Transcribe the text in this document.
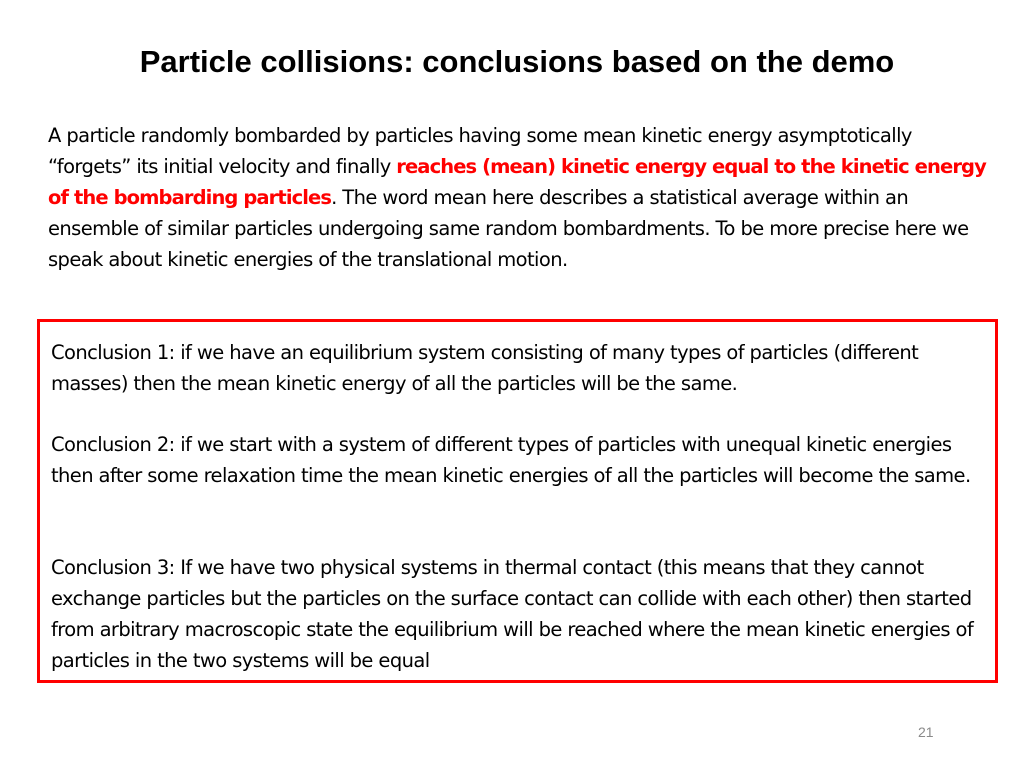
Particle collisions: conclusions based on the demo

A particle randomly bombarded by particles having some mean kinetic energy asymptotically “forgets” its initial velocity and finally reaches (mean) kinetic energy equal to the kinetic energy of the bombarding particles. The word mean here describes a statistical average within an ensemble of similar particles undergoing same random bombardments. To be more precise here we speak about kinetic energies of the translational motion.

Conclusion 1: if we have an equilibrium system consisting of many types of particles (different masses) then the mean kinetic energy of all the particles will be the same.

Conclusion 2: if we start with a system of different types of particles with unequal kinetic energies then after some relaxation time the mean kinetic energies of all the particles will become the same.

Conclusion 3: If we have two physical systems in thermal contact (this means that they cannot exchange particles but the particles on the surface contact can collide with each other) then started from arbitrary macroscopic state the equilibrium will be reached where the mean kinetic energies of particles in the two systems will be equal

21
